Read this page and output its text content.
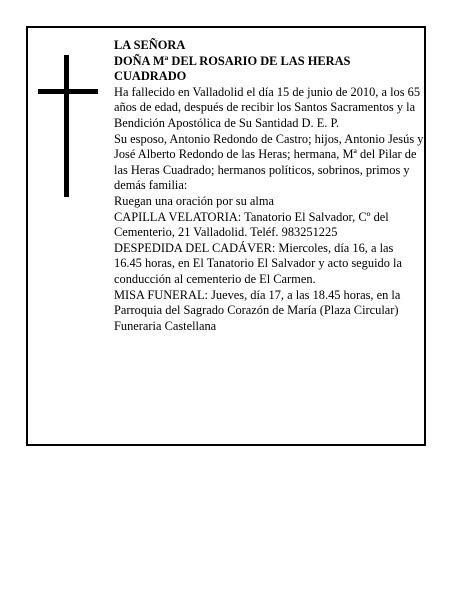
LA SEÑORA

DOÑA Mª DEL ROSARIO DE LAS HERAS CUADRADO

Ha fallecido en Valladolid el día 15 de junio de 2010, a los 65 años de edad, después de recibir los Santos Sacramentos y la Bendición Apostólica de Su Santidad D. E. P.

Su esposo, Antonio Redondo de Castro; hijos, Antonio Jesús y José Alberto Redondo de las Heras; hermana, Mª del Pilar de las Heras Cuadrado; hermanos políticos, sobrinos, primos y demás familia:

Ruegan una oración por su alma

CAPILLA VELATORIA: Tanatorio El Salvador, Cº del Cementerio, 21 Valladolid. Teléf. 983251225

DESPEDIDA DEL CADÁVER: Miercoles, día 16, a las 16.45 horas, en El Tanatorio El Salvador y acto seguido la conducción al cementerio de El Carmen.

MISA FUNERAL: Jueves, día 17, a las 18.45 horas, en la Parroquia del Sagrado Corazón de María (Plaza Circular)

Funeraria Castellana
